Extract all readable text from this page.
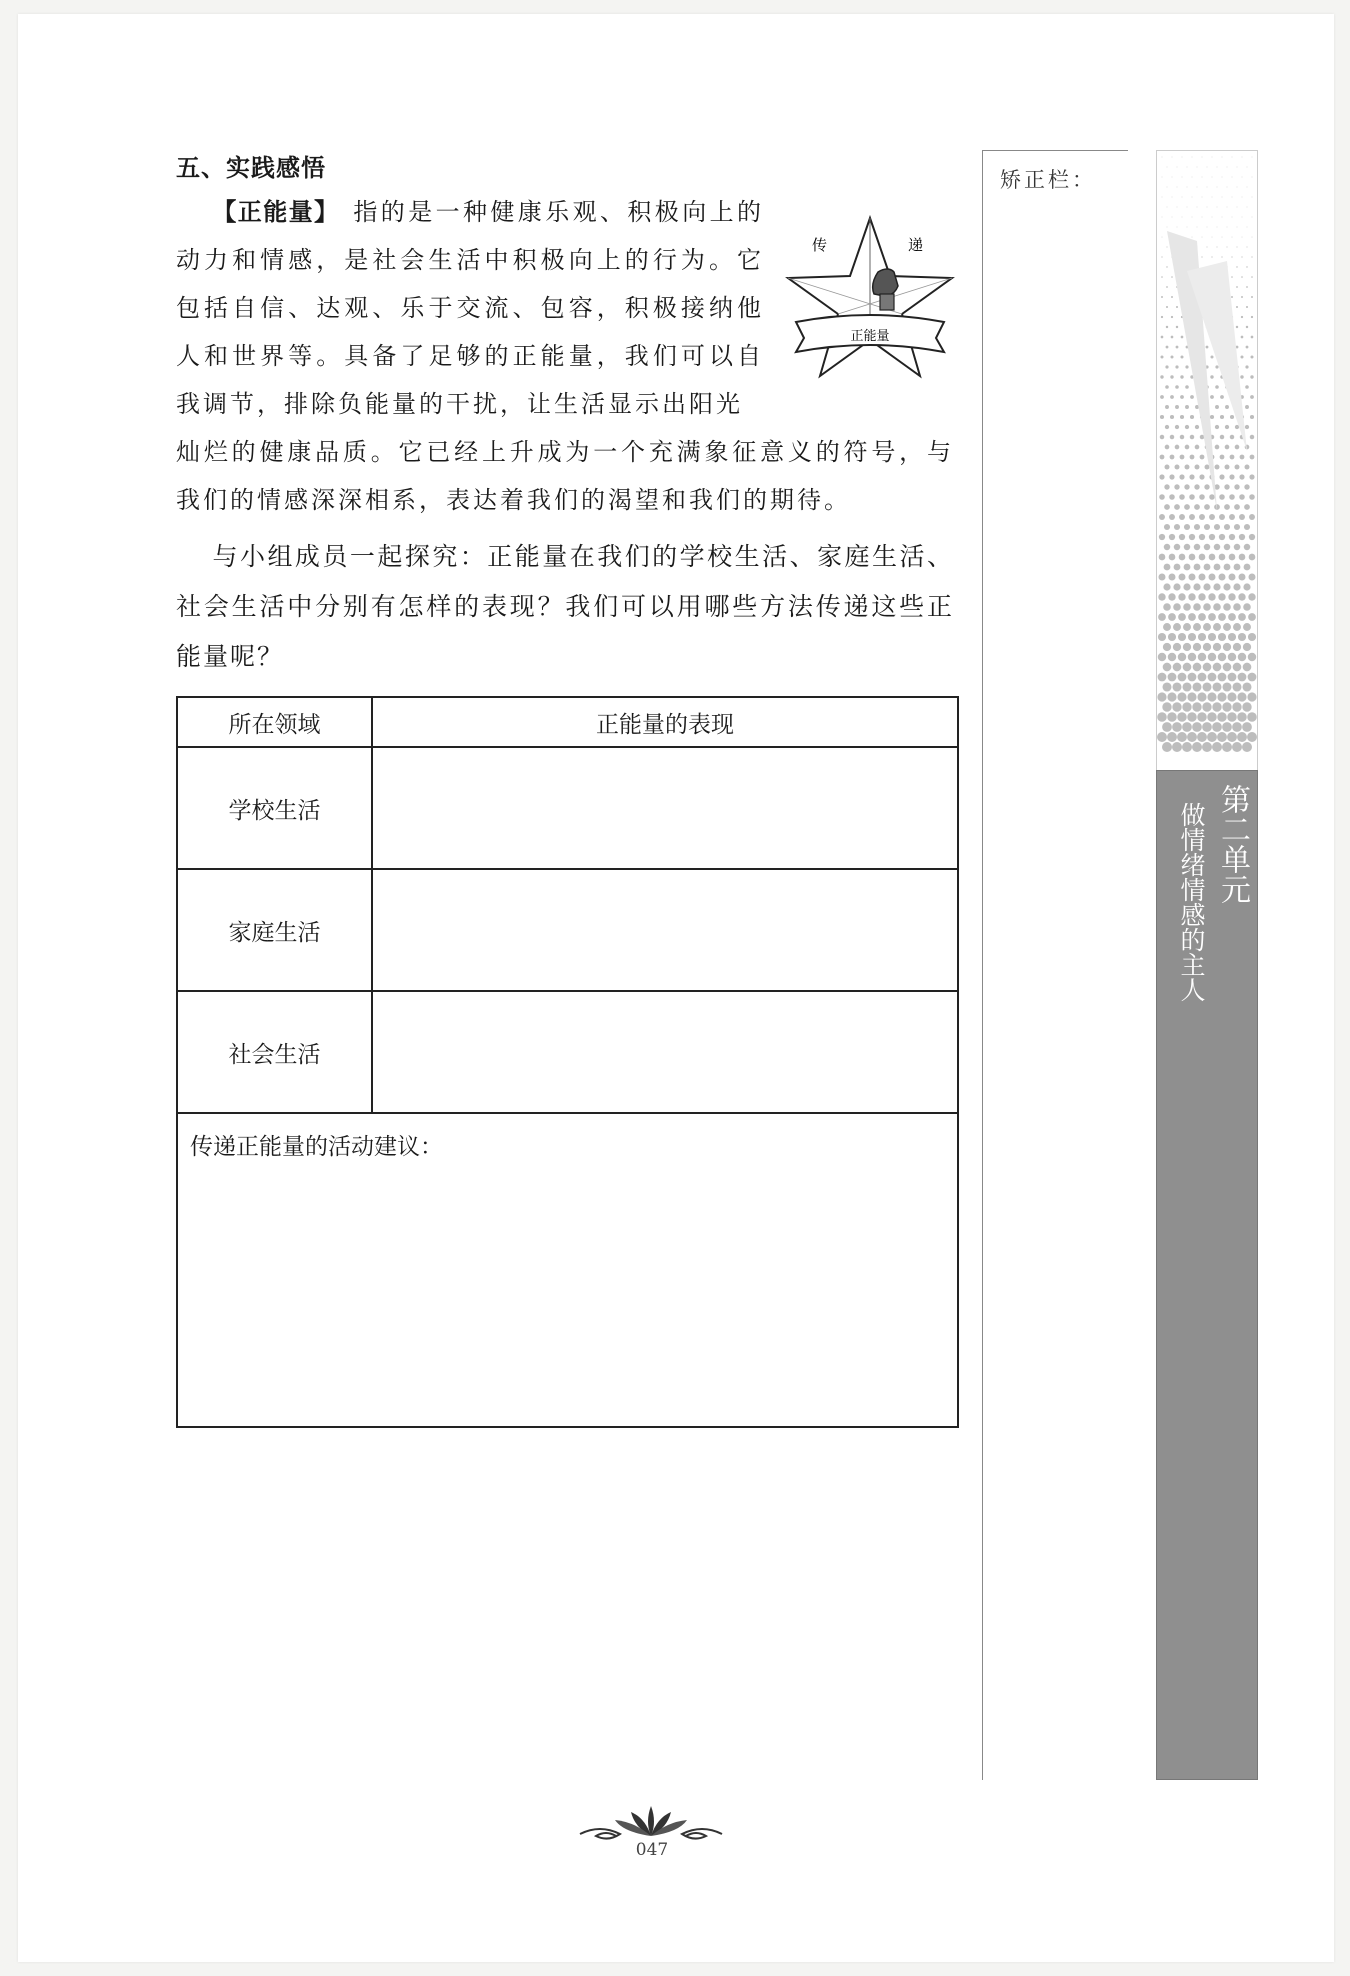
五、实践感悟
【正能量】 指的是一种健康乐观、积极向上的动力和情感，是社会生活中积极向上的行为。它包括自信、达观、乐于交流、包容，积极接纳他人和世界等。具备了足够的正能量，我们可以自我调节，排除负能量的干扰，让生活显示出阳光
灿烂的健康品质。它已经上升成为一个充满象征意义的符号，与我们的情感深深相系，表达着我们的渴望和我们的期待。
传	递
正能量
与小组成员一起探究：正能量在我们的学校生活、家庭生活、社会生活中分别有怎样的表现？我们可以用哪些方法传递这些正能量呢？
所在领域	正能量的表现
学校生活	
家庭生活	
社会生活	

传递正能量的活动建议：	
矫正栏：
第二单元
做情绪情感的主人
047
